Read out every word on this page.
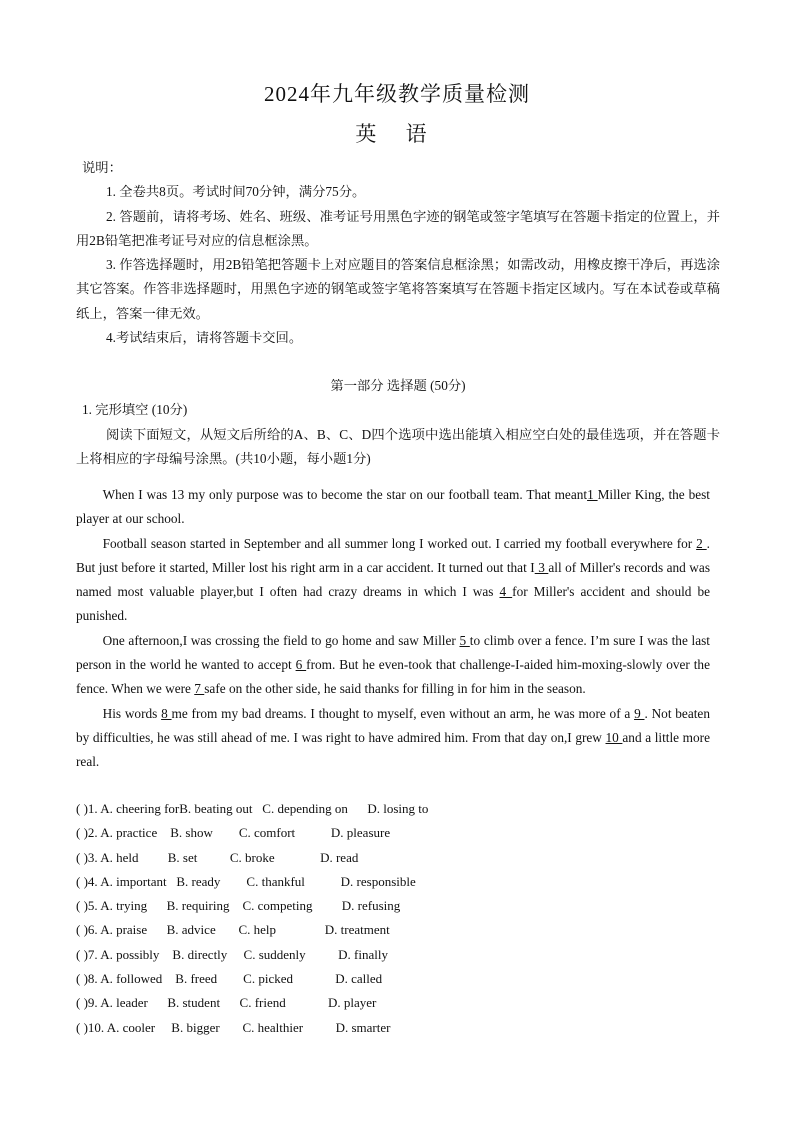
2024年九年级教学质量检测
英 语

说明：

1. 全卷共8页。考试时间70分钟，满分75分。

2. 答题前，请将考场、姓名、班级、准考证号用黑色字迹的钢笔或签字笔填写在答题卡指定的位置上，并用2B铅笔把准考证号对应的信息框涂黑。

3. 作答选择题时，用2B铅笔把答题卡上对应题目的答案信息框涂黑；如需改动，用橡皮擦干净后，再选涂其它答案。作答非选择题时，用黑色字迹的钢笔或签字笔将答案填写在答题卡指定区域内。写在本试卷或草稿纸上，答案一律无效。

4.考试结束后，请将答题卡交回。

第一部分 选择题 (50分)

1. 完形填空 (10分)

阅读下面短文，从短文后所给的A、B、C、D四个选项中选出能填入相应空白处的最佳选项，并在答题卡上将相应的字母编号涂黑。(共10小题，每小题1分)

When I was 13 my only purpose was to become the star on our football team. That meant1 Miller King, the best player at our school.

Football season started in September and all summer long I worked out. I carried my football everywhere for 2 . But just before it started, Miller lost his right arm in a car accident. It turned out that I 3 all of Miller's records and was named most valuable player,but I often had crazy dreams in which I was 4 for Miller's accident and should be punished.

One afternoon,I was crossing the field to go home and saw Miller 5 to climb over a fence. I’m sure I was the last person in the world he wanted to accept 6 from. But he even-took that challenge-I-aided him-moxing-slowly over the fence. When we were 7 safe on the other side, he said thanks for filling in for him in the season.

His words 8 me from my bad dreams. I thought to myself, even without an arm, he was more of a 9 . Not beaten by difficulties, he was still ahead of me. I was right to have admired him. From that day on,I grew 10 and a little more real.

( )1. A. cheering forB. beating out   C. depending on      D. losing to

( )2. A. practice    B. show        C. comfort           D. pleasure

( )3. A. held         B. set          C. broke              D. read

( )4. A. important   B. ready        C. thankful           D. responsible

( )5. A. trying      B. requiring    C. competing         D. refusing

( )6. A. praise      B. advice       C. help               D. treatment

( )7. A. possibly    B. directly     C. suddenly          D. finally

( )8. A. followed    B. freed        C. picked             D. called

( )9. A. leader      B. student      C. friend             D. player

( )10. A. cooler     B. bigger       C. healthier          D. smarter
